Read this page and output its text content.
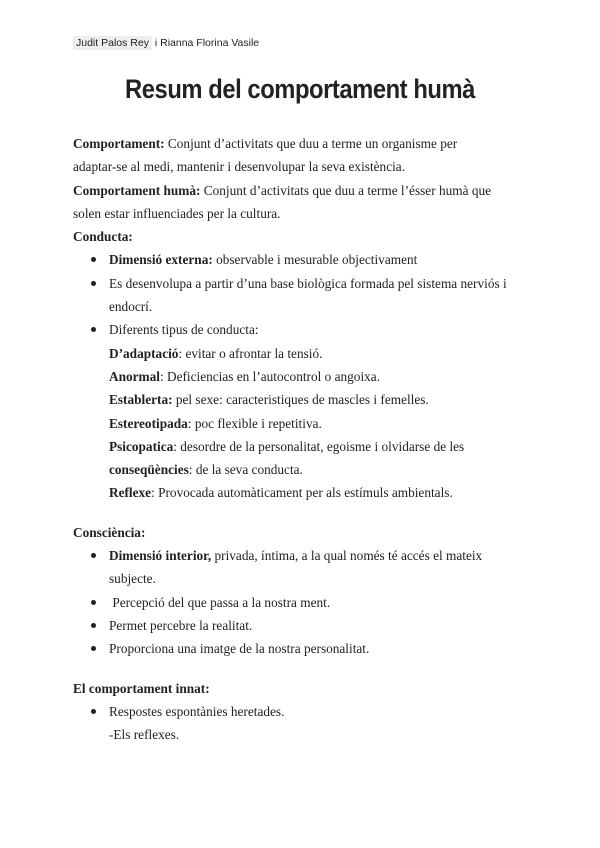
Judit Palos Rey i Rianna Florina Vasile
Resum del comportament humà
Comportament: Conjunt d’activitats que duu a terme un organisme per
adaptar-se al medi, mantenir i desenvolupar la seva existència.
Comportament humà: Conjunt d’activitats que duu a terme l’ésser humà que
solen estar influenciades per la cultura.
Conducta:
Dimensió externa: observable i mesurable objectivament
Es desenvolupa a partir d’una base biològica formada pel sistema nerviós i
endocrí.
Diferents tipus de conducta:
D’adaptació: evitar o afrontar la tensió.
Anormal: Deficiencias en l’autocontrol o angoixa.
Establerta: pel sexe: caracteristiques de mascles i femelles.
Estereotipada: poc flexible i repetitiva.
Psicopatica: desordre de la personalitat, egoisme i olvidarse de les
conseqüències: de la seva conducta.
Reflexe: Provocada automàticament per als estímuls ambientals.
Consciència:
Dimensió interior, privada, íntima, a la qual només té accés el mateix
subjecte.
Percepció del que passa a la nostra ment.
Permet percebre la realitat.
Proporciona una imatge de la nostra personalitat.
El comportament innat:
Respostes espontànies heretades.
-Els reflexes.
